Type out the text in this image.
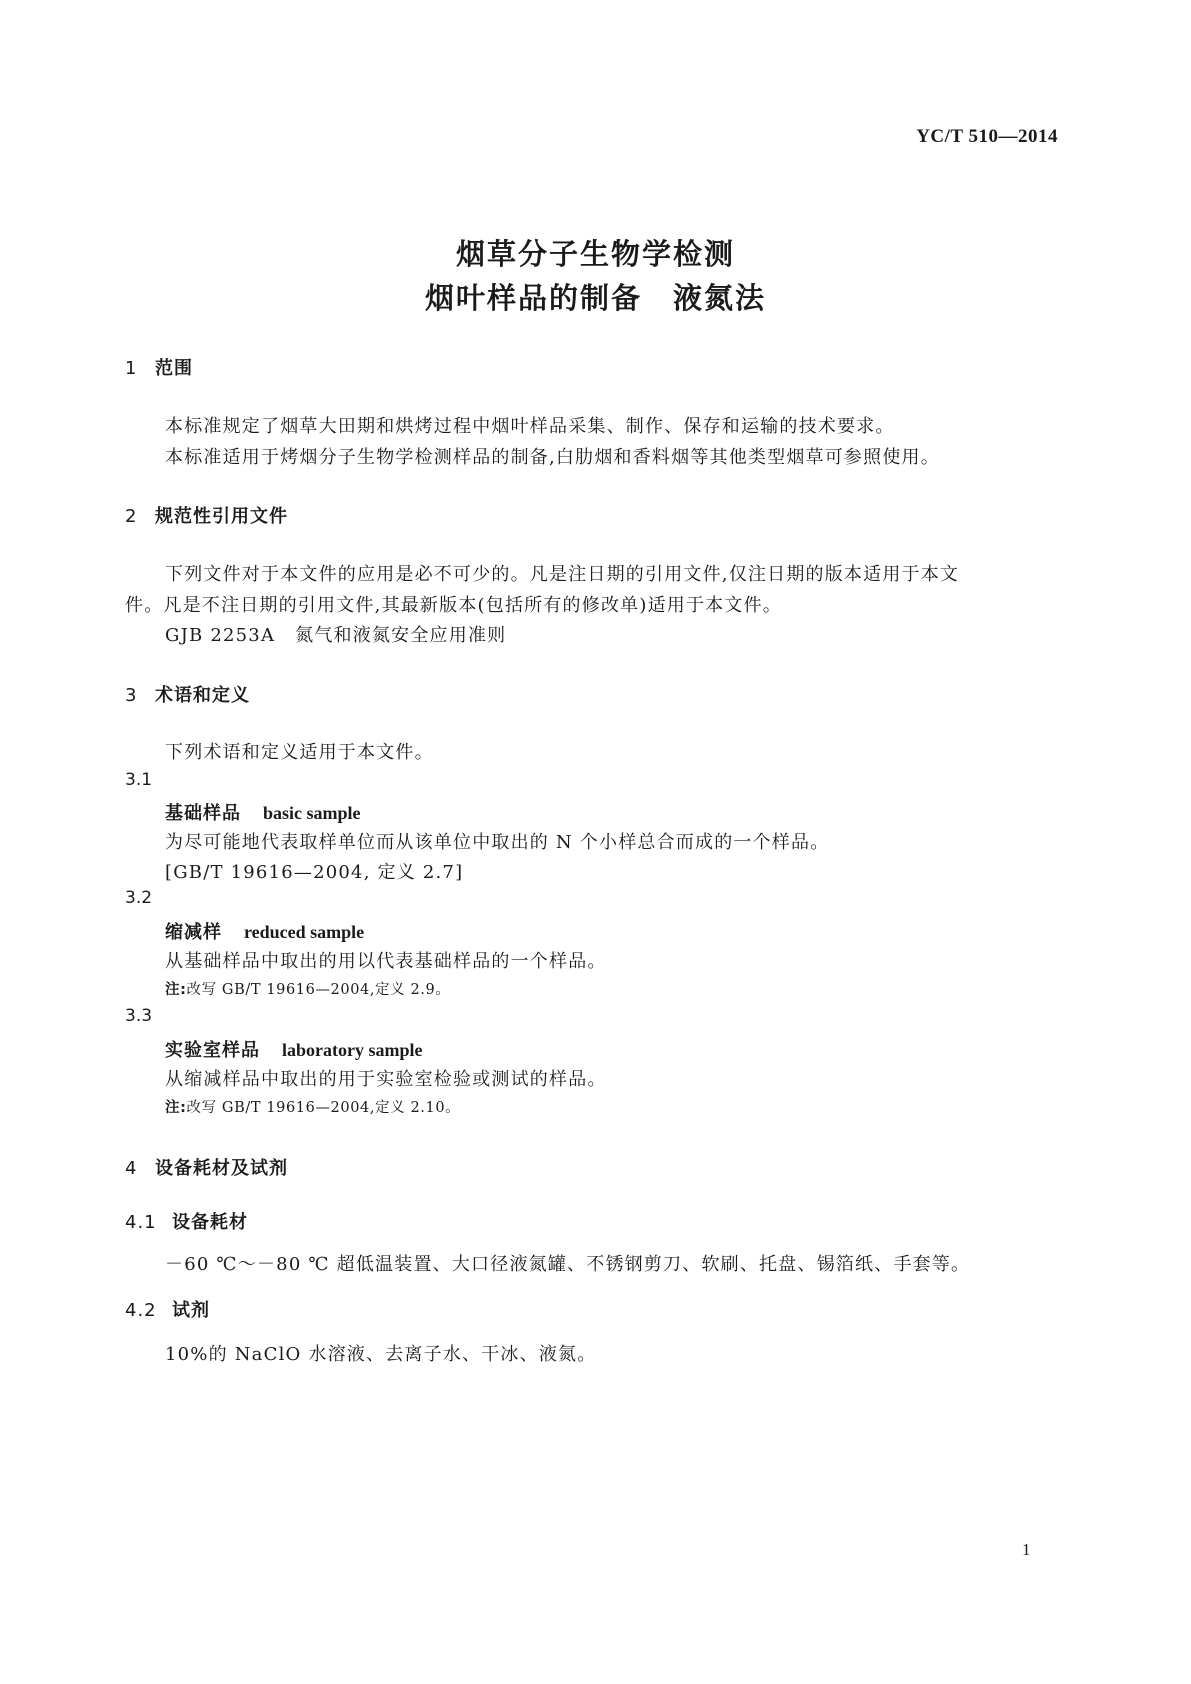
YC/T 510—2014
烟草分子生物学检测
烟叶样品的制备　液氮法
1 范围
本标准规定了烟草大田期和烘烤过程中烟叶样品采集、制作、保存和运输的技术要求。
本标准适用于烤烟分子生物学检测样品的制备,白肋烟和香料烟等其他类型烟草可参照使用。
2 规范性引用文件
下列文件对于本文件的应用是必不可少的。凡是注日期的引用文件,仅注日期的版本适用于本文
件。凡是不注日期的引用文件,其最新版本(包括所有的修改单)适用于本文件。
GJB 2253A 氮气和液氮安全应用准则
3 术语和定义
下列术语和定义适用于本文件。
3.1
基础样品 basic sample
为尽可能地代表取样单位而从该单位中取出的 N 个小样总合而成的一个样品。
[GB/T 19616—2004, 定义 2.7]
3.2
缩减样 reduced sample
从基础样品中取出的用以代表基础样品的一个样品。
注:改写 GB/T 19616—2004,定义 2.9。
3.3
实验室样品 laboratory sample
从缩减样品中取出的用于实验室检验或测试的样品。
注:改写 GB/T 19616—2004,定义 2.10。
4 设备耗材及试剂
4.1 设备耗材
－60 ℃～－80 ℃ 超低温装置、大口径液氮罐、不锈钢剪刀、软刷、托盘、锡箔纸、手套等。
4.2 试剂
10%的 NaClO 水溶液、去离子水、干冰、液氮。
1
